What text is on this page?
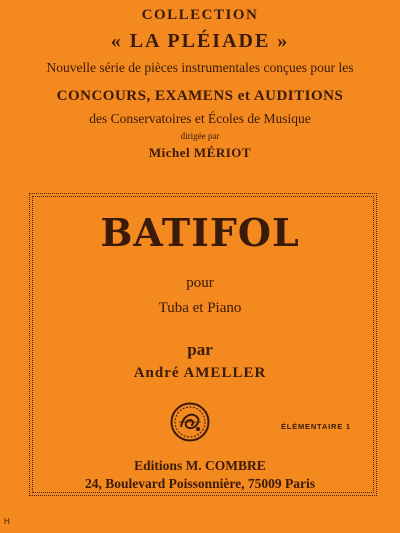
COLLECTION
« LA PLÉIADE »
Nouvelle série de pièces instrumentales conçues pour les
CONCOURS, EXAMENS et AUDITIONS
des Conservatoires et Écoles de Musique
dirigée par
Michel MÉRIOT
BATIFOL
pour
Tuba et Piano
par
André AMELLER
ÉLÉMENTAIRE 1
Editions M. COMBRE
24, Boulevard Poissonnière, 75009 Paris
H
